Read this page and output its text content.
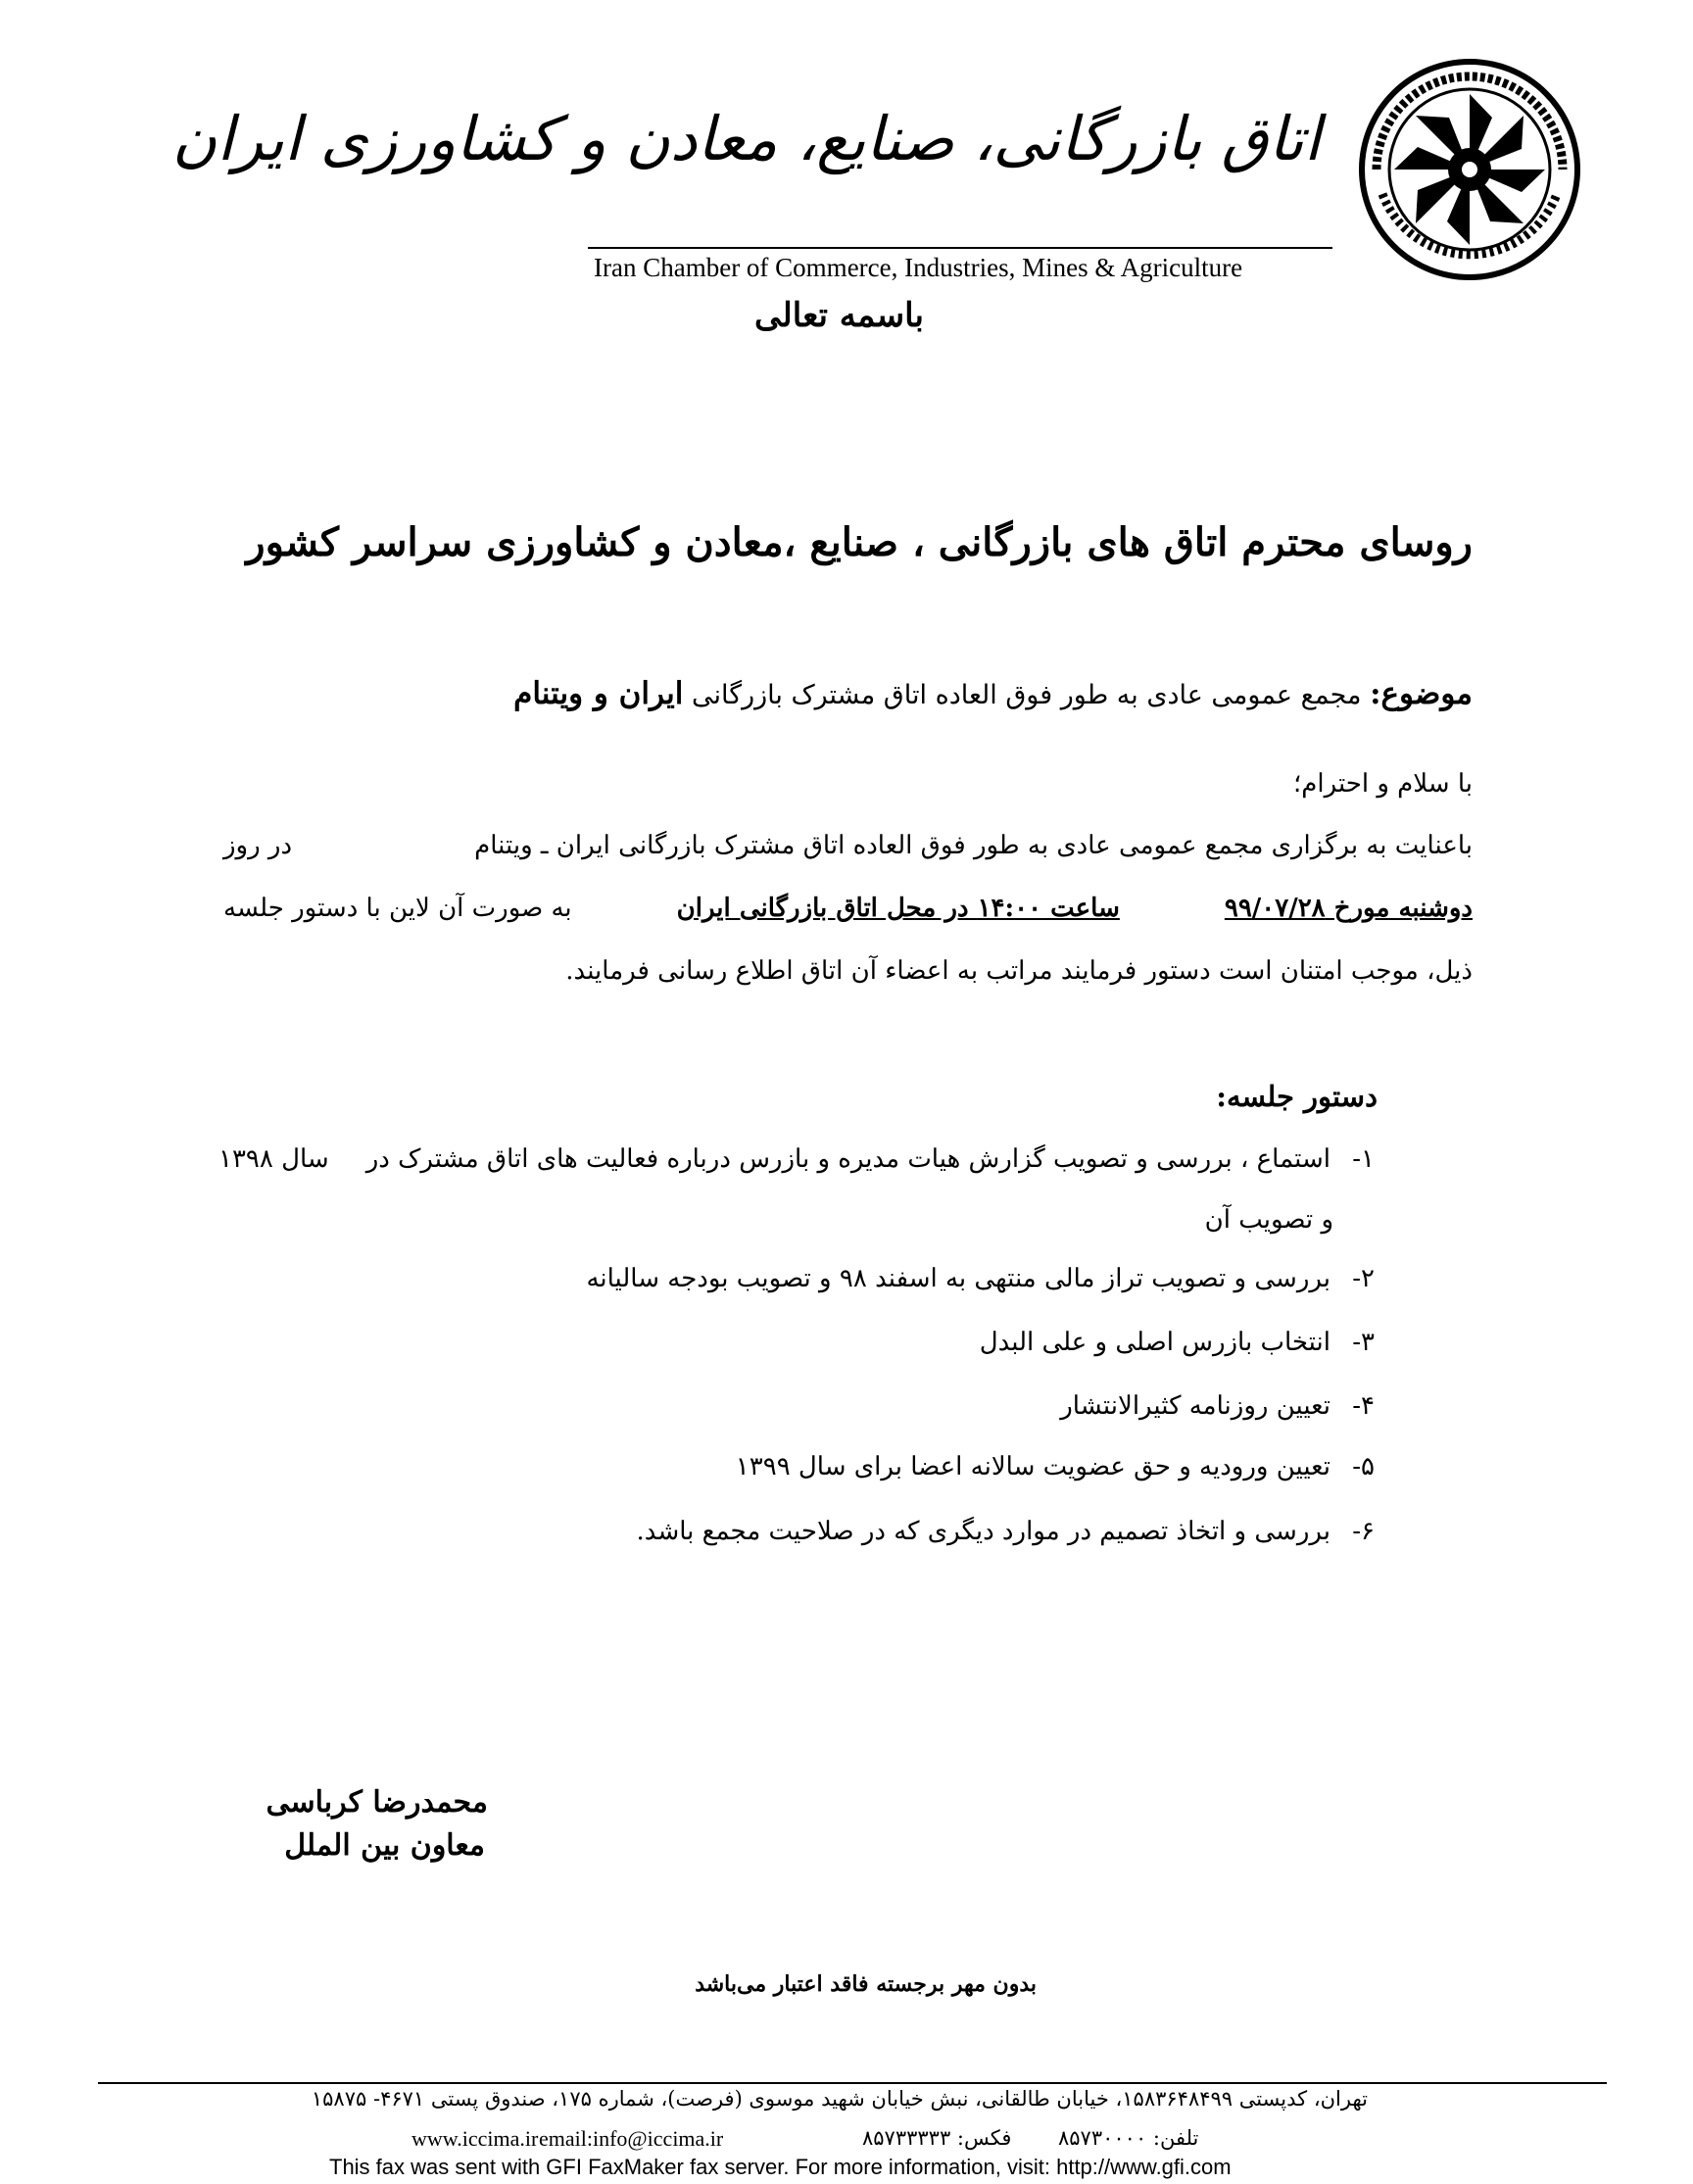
اتاق بازرگانی، صنایع، معادن و کشاورزی ایران
Iran Chamber of Commerce, Industries, Mines & Agriculture
باسمه تعالی
روسای محترم اتاق های بازرگانی ، صنایع ،معادن و کشاورزی سراسر کشور
موضوع: مجمع عمومی عادی به طور فوق العاده اتاق مشترک بازرگانی ایران و ویتنام
با سلام و احترام؛
باعنایت به برگزاری مجمع عمومی عادی به طور فوق العاده اتاق مشترک بازرگانی ایران ـ ویتنام
در روز
دوشنبه مورخ ۹۹/۰۷/۲۸
ساعت ۱۴:۰۰ در محل اتاق بازرگانی ایران
به صورت آن لاین با دستور جلسه
ذیل، موجب امتنان است دستور فرمایند مراتب به اعضاء آن اتاق اطلاع رسانی فرمایند.
دستور جلسه:
۱- استماع ، بررسی و تصویب گزارش هیات مدیره و بازرس درباره فعالیت های اتاق مشترک در
سال ۱۳۹۸
و تصویب آن
۲- بررسی و تصویب تراز مالی منتهی به اسفند ۹۸ و تصویب بودجه سالیانه
۳- انتخاب بازرس اصلی و علی البدل
۴- تعیین روزنامه کثیرالانتشار
۵- تعیین ورودیه و حق عضویت سالانه اعضا برای سال ۱۳۹۹
۶- بررسی و اتخاذ تصمیم در موارد دیگری که در صلاحیت مجمع باشد.
محمدرضا کرباسی
معاون بین الملل
بدون مهر برجسته فاقد اعتبار می‌باشد
تهران، کدپستی ۱۵۸۳۶۴۸۴۹۹، خیابان طالقانی، نبش خیابان شهید موسوی (فرصت)، شماره ۱۷۵، صندوق پستی ۴۶۷۱- ۱۵۸۷۵
www.iccima.ir email:info@iccima.ir	فکس: ۸۵۷۳۳۳۳۳ تلفن: ۸۵۷۳۰۰۰۰
This fax was sent with GFI FaxMaker fax server. For more information, visit: http://www.gfi.com
